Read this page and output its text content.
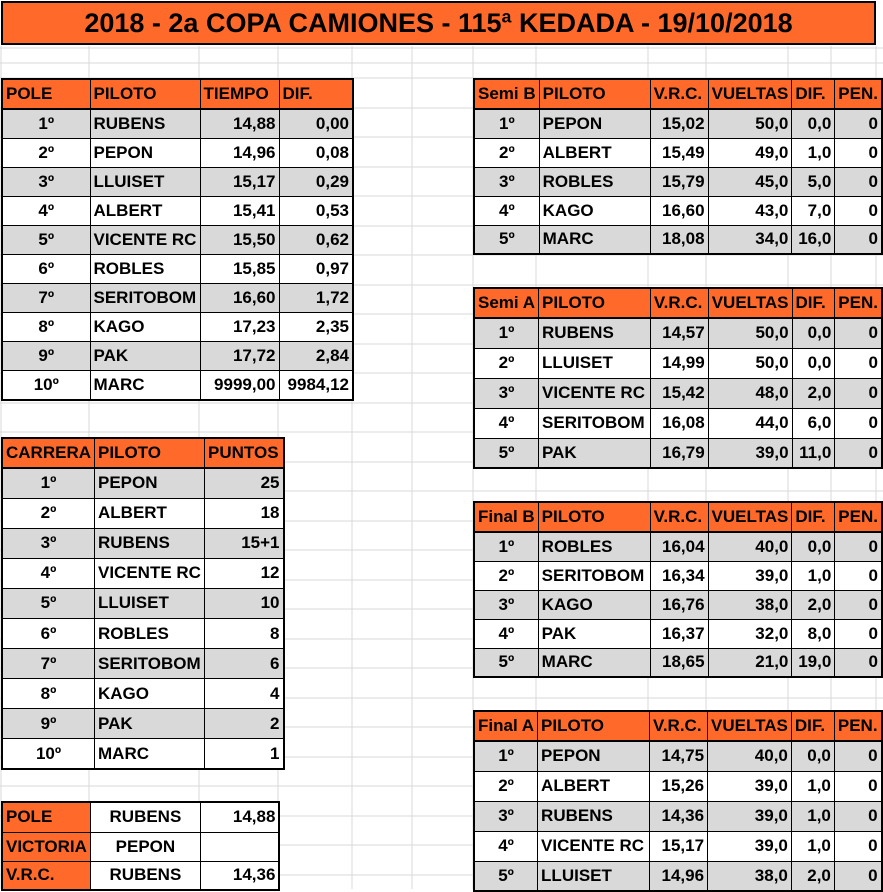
2018 - 2a COPA CAMIONES - 115ª KEDADA - 19/10/2018
POLE	PILOTO	TIEMPO	DIF.
1º	RUBENS	14,88	0,00
2º	PEPON	14,96	0,08
3º	LLUISET	15,17	0,29
4º	ALBERT	15,41	0,53
5º	VICENTE RC	15,50	0,62
6º	ROBLES	15,85	0,97
7º	SERITOBOM	16,60	1,72
8º	KAGO	17,23	2,35
9º	PAK	17,72	2,84
10º	MARC	9999,00	9984,12
CARRERA	PILOTO	PUNTOS
1º	PEPON	25
2º	ALBERT	18
3º	RUBENS	15+1
4º	VICENTE RC	12
5º	LLUISET	10
6º	ROBLES	8
7º	SERITOBOM	6
8º	KAGO	4
9º	PAK	2
10º	MARC	1
POLE	RUBENS	14,88
VICTORIA	PEPON	
V.R.C.	RUBENS	14,36
Semi B	PILOTO	V.R.C.	VUELTAS	DIF.	PEN.
1º	PEPON	15,02	50,0	0,0	0
2º	ALBERT	15,49	49,0	1,0	0
3º	ROBLES	15,79	45,0	5,0	0
4º	KAGO	16,60	43,0	7,0	0
5º	MARC	18,08	34,0	16,0	0
Semi A	PILOTO	V.R.C.	VUELTAS	DIF.	PEN.
1º	RUBENS	14,57	50,0	0,0	0
2º	LLUISET	14,99	50,0	0,0	0
3º	VICENTE RC	15,42	48,0	2,0	0
4º	SERITOBOM	16,08	44,0	6,0	0
5º	PAK	16,79	39,0	11,0	0
Final B	PILOTO	V.R.C.	VUELTAS	DIF.	PEN.
1º	ROBLES	16,04	40,0	0,0	0
2º	SERITOBOM	16,34	39,0	1,0	0
3º	KAGO	16,76	38,0	2,0	0
4º	PAK	16,37	32,0	8,0	0
5º	MARC	18,65	21,0	19,0	0
Final A	PILOTO	V.R.C.	VUELTAS	DIF.	PEN.
1º	PEPON	14,75	40,0	0,0	0
2º	ALBERT	15,26	39,0	1,0	0
3º	RUBENS	14,36	39,0	1,0	0
4º	VICENTE RC	15,17	39,0	1,0	0
5º	LLUISET	14,96	38,0	2,0	0
